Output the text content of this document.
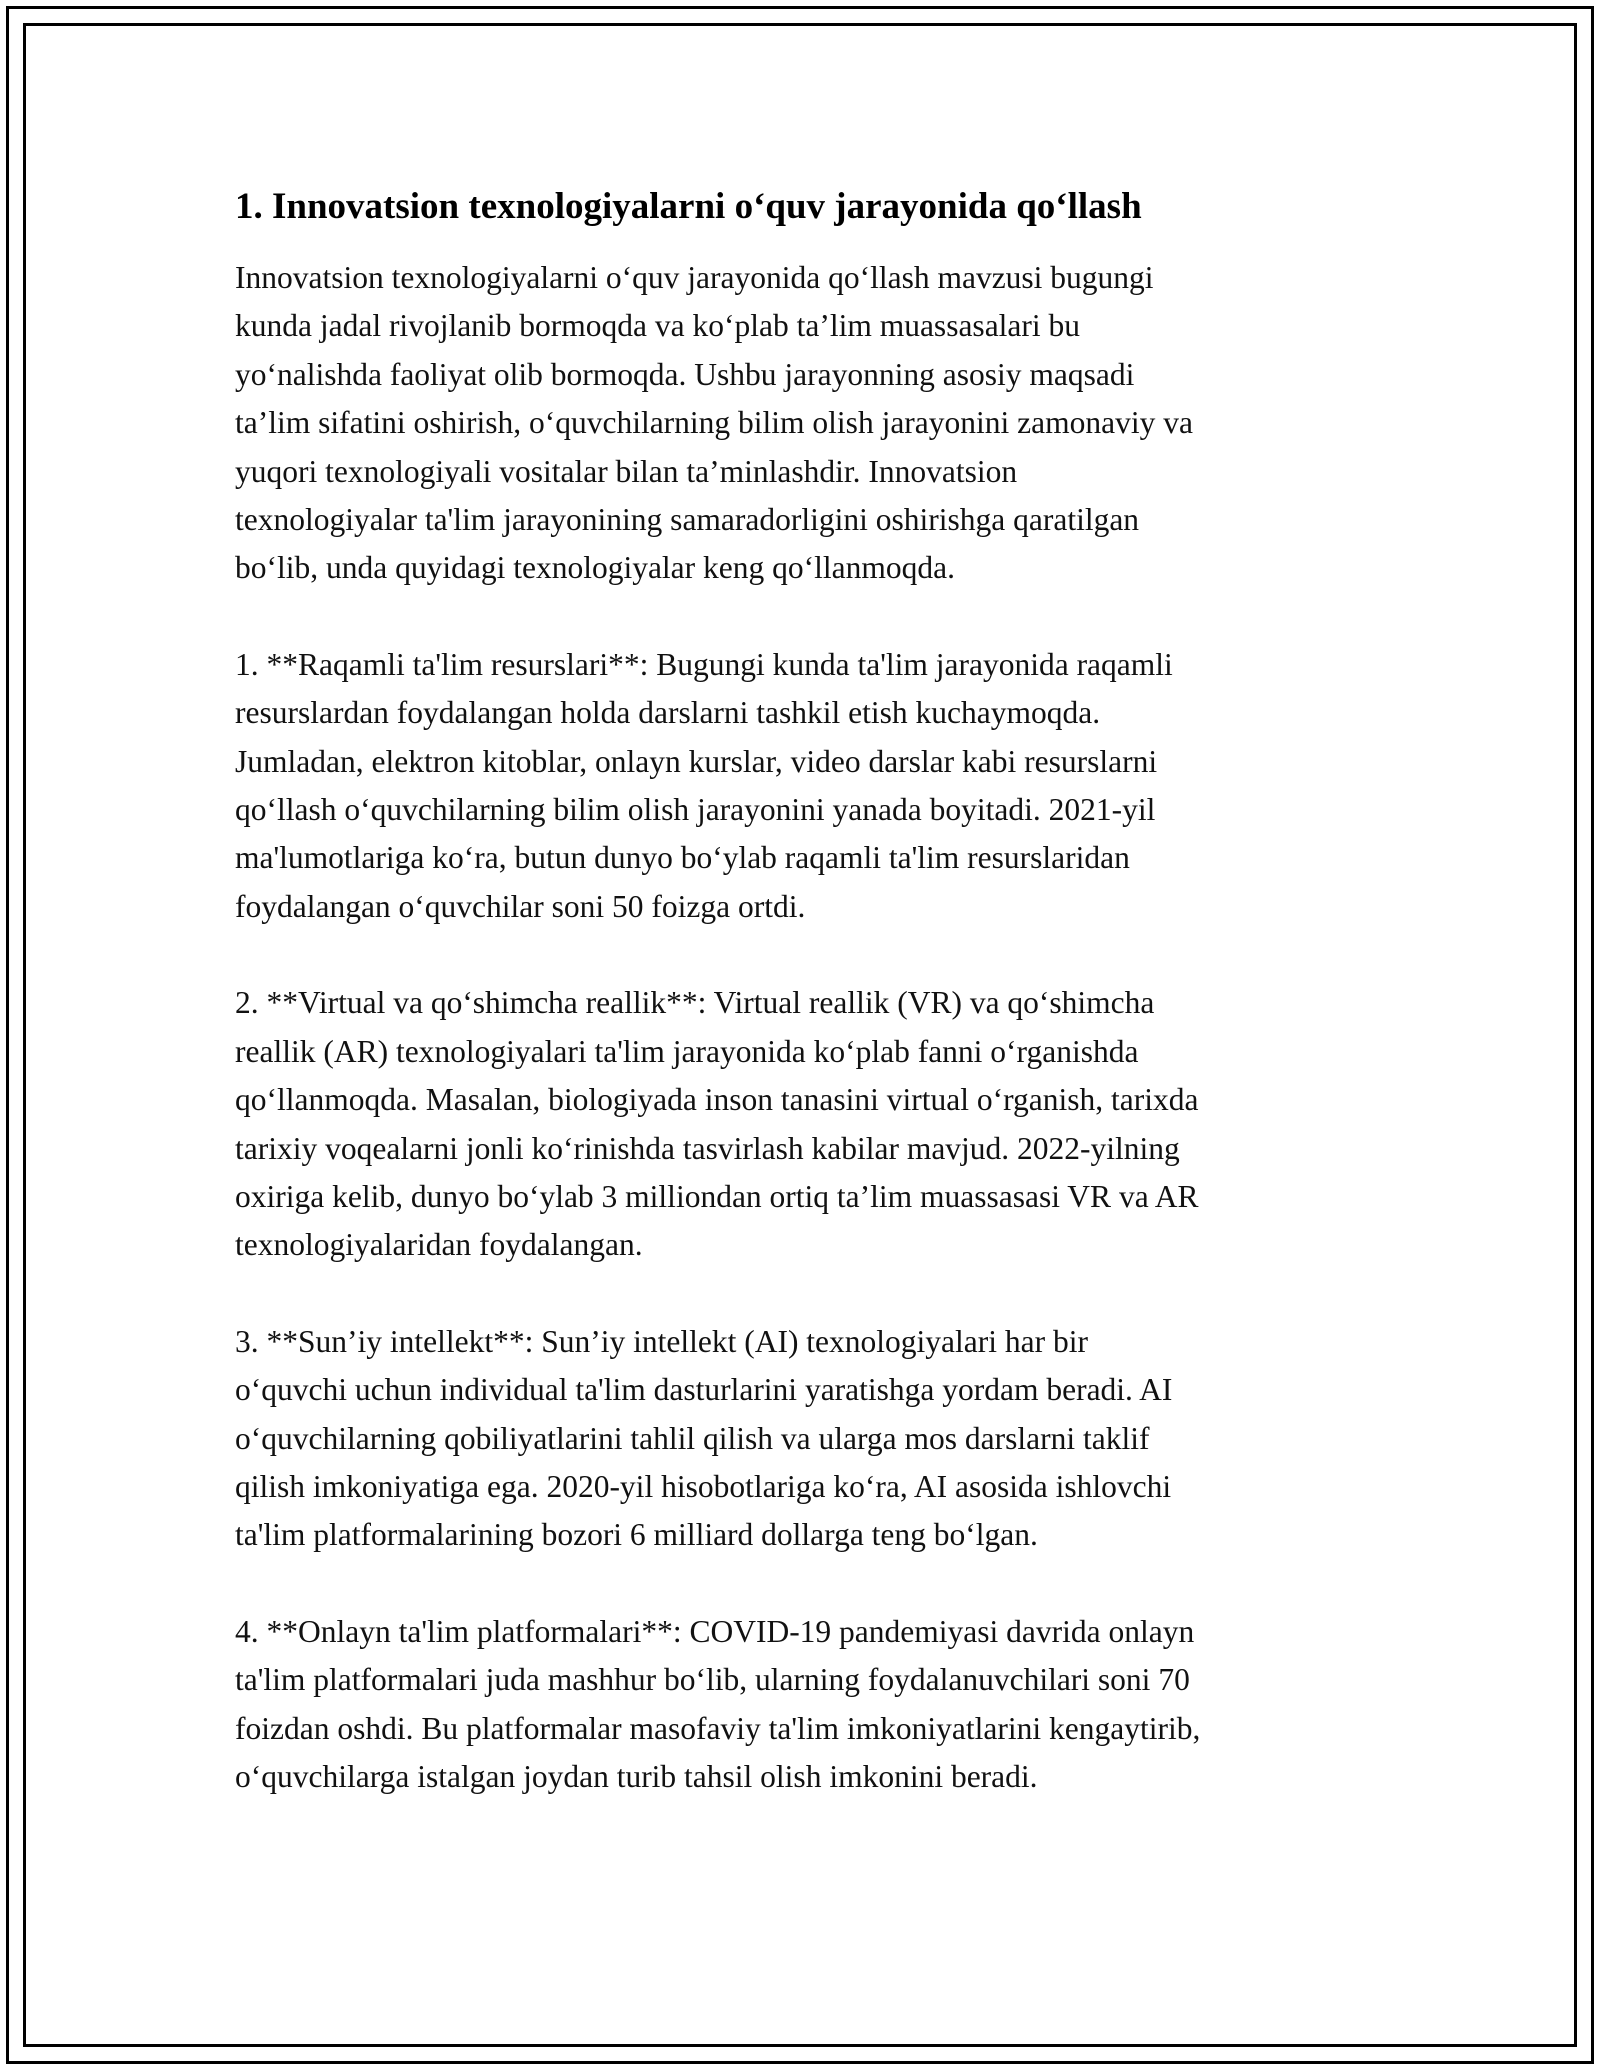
1. Innovatsion texnologiyalarni o‘quv jarayonida qo‘llash

Innovatsion texnologiyalarni o‘quv jarayonida qo‘llash mavzusi bugungi
kunda jadal rivojlanib bormoqda va ko‘plab ta’lim muassasalari bu
yo‘nalishda faoliyat olib bormoqda. Ushbu jarayonning asosiy maqsadi
ta’lim sifatini oshirish, o‘quvchilarning bilim olish jarayonini zamonaviy va
yuqori texnologiyali vositalar bilan ta’minlashdir. Innovatsion
texnologiyalar ta'lim jarayonining samaradorligini oshirishga qaratilgan
bo‘lib, unda quyidagi texnologiyalar keng qo‘llanmoqda.

1. **Raqamli ta'lim resurslari**: Bugungi kunda ta'lim jarayonida raqamli
resurslardan foydalangan holda darslarni tashkil etish kuchaymoqda.
Jumladan, elektron kitoblar, onlayn kurslar, video darslar kabi resurslarni
qo‘llash o‘quvchilarning bilim olish jarayonini yanada boyitadi. 2021-yil
ma'lumotlariga ko‘ra, butun dunyo bo‘ylab raqamli ta'lim resurslaridan
foydalangan o‘quvchilar soni 50 foizga ortdi.

2. **Virtual va qo‘shimcha reallik**: Virtual reallik (VR) va qo‘shimcha
reallik (AR) texnologiyalari ta'lim jarayonida ko‘plab fanni o‘rganishda
qo‘llanmoqda. Masalan, biologiyada inson tanasini virtual o‘rganish, tarixda
tarixiy voqealarni jonli ko‘rinishda tasvirlash kabilar mavjud. 2022-yilning
oxiriga kelib, dunyo bo‘ylab 3 milliondan ortiq ta’lim muassasasi VR va AR
texnologiyalaridan foydalangan.

3. **Sun’iy intellekt**: Sun’iy intellekt (AI) texnologiyalari har bir
o‘quvchi uchun individual ta'lim dasturlarini yaratishga yordam beradi. AI
o‘quvchilarning qobiliyatlarini tahlil qilish va ularga mos darslarni taklif
qilish imkoniyatiga ega. 2020-yil hisobotlariga ko‘ra, AI asosida ishlovchi
ta'lim platformalarining bozori 6 milliard dollarga teng bo‘lgan.

4. **Onlayn ta'lim platformalari**: COVID-19 pandemiyasi davrida onlayn
ta'lim platformalari juda mashhur bo‘lib, ularning foydalanuvchilari soni 70
foizdan oshdi. Bu platformalar masofaviy ta'lim imkoniyatlarini kengaytirib,
o‘quvchilarga istalgan joydan turib tahsil olish imkonini beradi.
